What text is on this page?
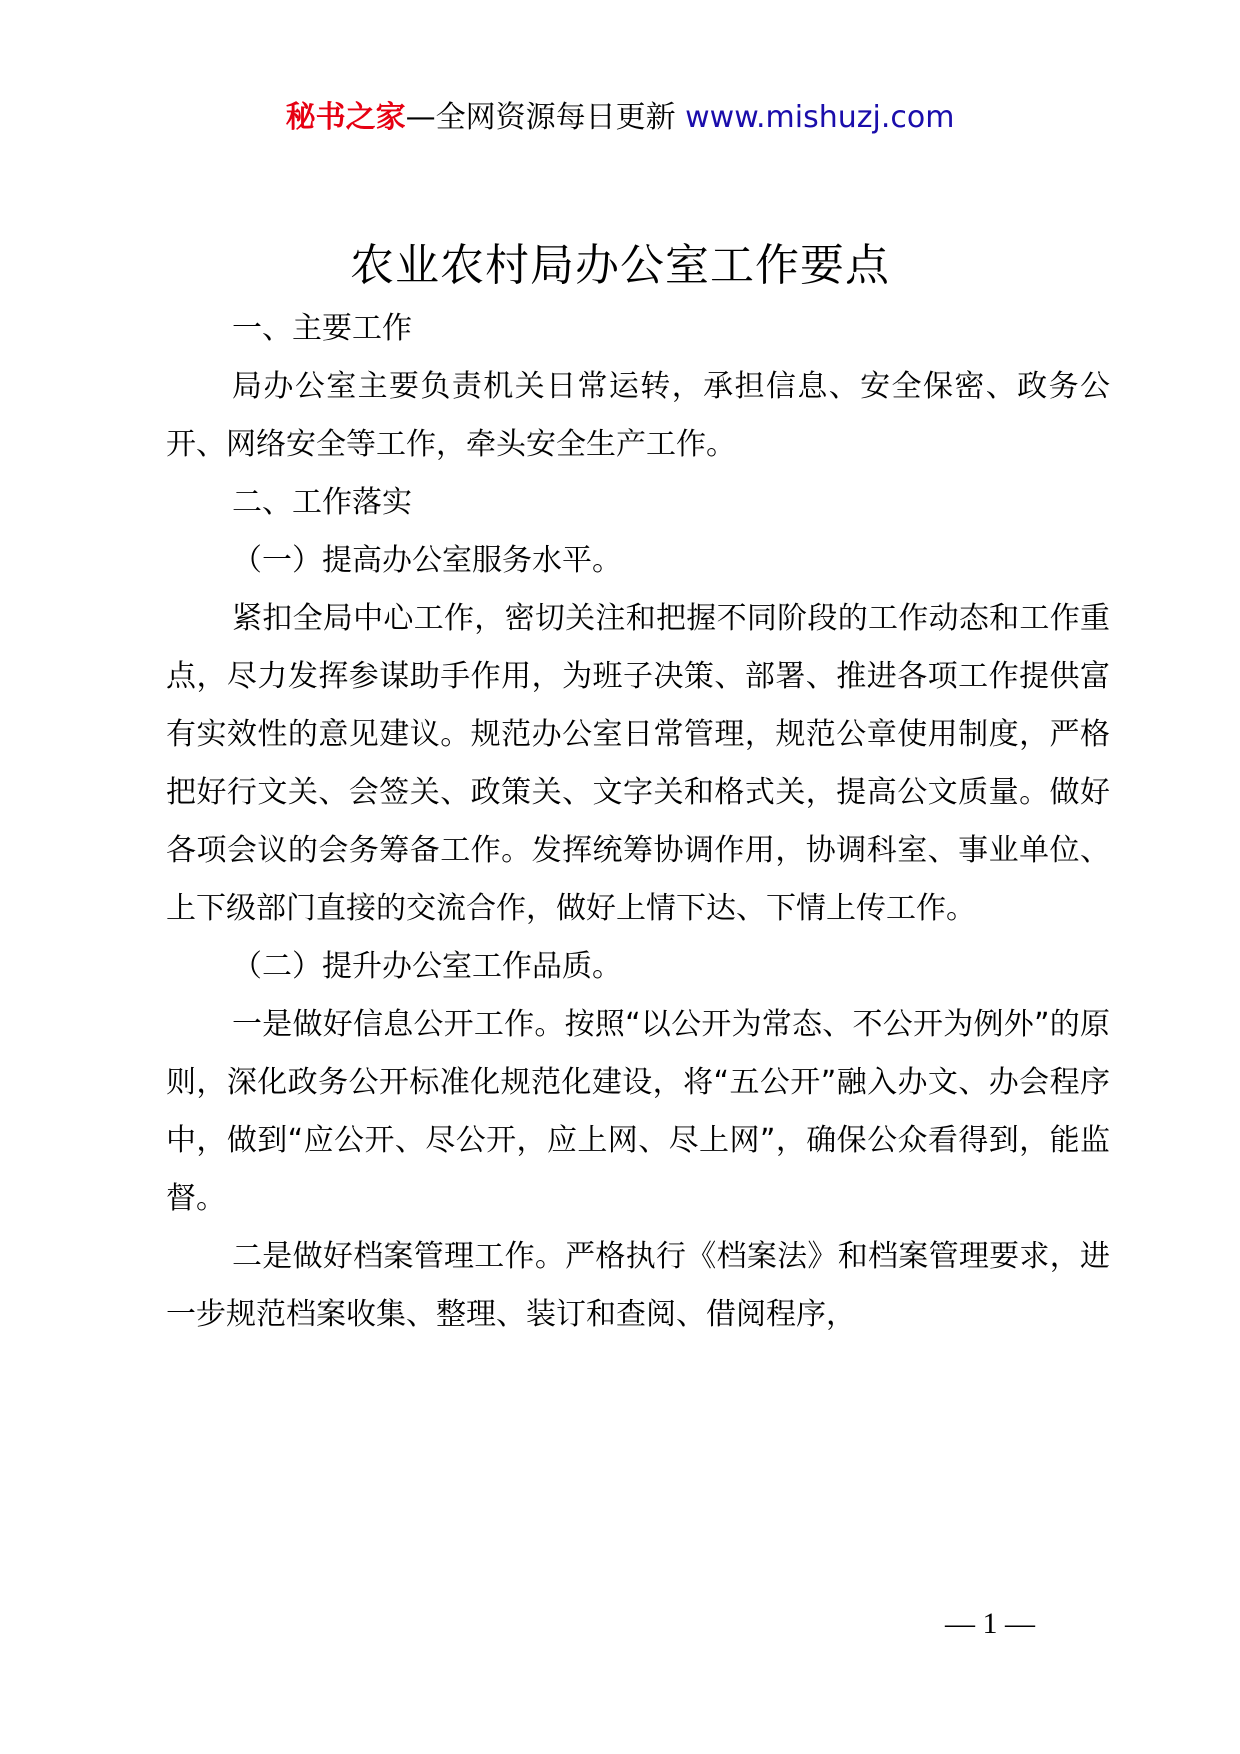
秘书之家—全网资源每日更新 www.mishuzj.com
农业农村局办公室工作要点

一、主要工作

局办公室主要负责机关日常运转，承担信息、安全保密、政务公开、网络安全等工作，牵头安全生产工作。

二、工作落实

（一）提高办公室服务水平。

紧扣全局中心工作，密切关注和把握不同阶段的工作动态和工作重点，尽力发挥参谋助手作用，为班子决策、部署、推进各项工作提供富有实效性的意见建议。规范办公室日常管理，规范公章使用制度，严格把好行文关、会签关、政策关、文字关和格式关，提高公文质量。做好各项会议的会务筹备工作。发挥统筹协调作用，协调科室、事业单位、上下级部门直接的交流合作，做好上情下达、下情上传工作。

（二）提升办公室工作品质。

一是做好信息公开工作。按照“以公开为常态、不公开为例外”的原则，深化政务公开标准化规范化建设，将“五公开”融入办文、办会程序中，做到“应公开、尽公开，应上网、尽上网”，确保公众看得到，能监督。

二是做好档案管理工作。严格执行《档案法》和档案管理要求，进一步规范档案收集、整理、装订和查阅、借阅程序，

— 1 —
